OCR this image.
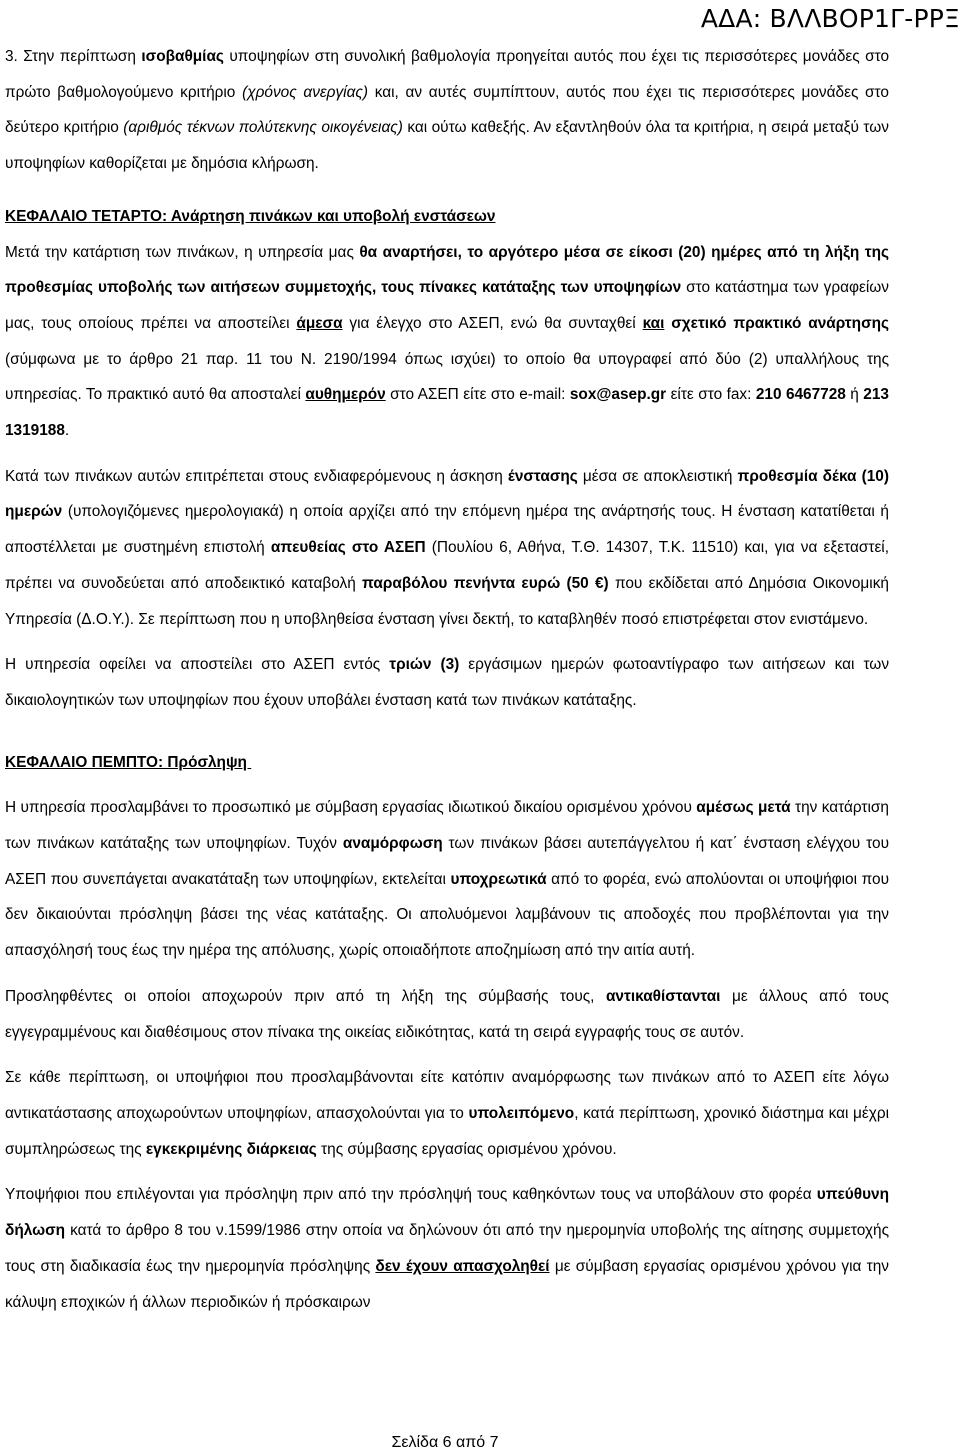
ΑΔΑ: ΒΛΛΒΟΡ1Γ-ΡΡΞ

3. Στην περίπτωση ισοβαθμίας υποψηφίων στη συνολική βαθμολογία προηγείται αυτός που έχει τις περισσότερες μονάδες στο πρώτο βαθμολογούμενο κριτήριο (χρόνος ανεργίας) και, αν αυτές συμπίπτουν, αυτός που έχει τις περισσότερες μονάδες στο δεύτερο κριτήριο (αριθμός τέκνων πολύτεκνης οικογένειας) και ούτω καθεξής. Αν εξαντληθούν όλα τα κριτήρια, η σειρά μεταξύ των υποψηφίων καθορίζεται με δημόσια κλήρωση.

ΚΕΦΑΛΑΙΟ ΤΕΤΑΡΤΟ: Ανάρτηση πινάκων και υποβολή ενστάσεων

Μετά την κατάρτιση των πινάκων, η υπηρεσία μας θα αναρτήσει, το αργότερο μέσα σε είκοσι (20) ημέρες από τη λήξη της προθεσμίας υποβολής των αιτήσεων συμμετοχής, τους πίνακες κατάταξης των υποψηφίων στο κατάστημα των γραφείων μας, τους οποίους πρέπει να αποστείλει άμεσα για έλεγχο στο ΑΣΕΠ, ενώ θα συνταχθεί και σχετικό πρακτικό ανάρτησης (σύμφωνα με το άρθρο 21 παρ. 11 του Ν. 2190/1994 όπως ισχύει) το οποίο θα υπογραφεί από δύο (2) υπαλλήλους της υπηρεσίας. Το πρακτικό αυτό θα αποσταλεί αυθημερόν στο ΑΣΕΠ είτε στο e-mail: sox@asep.gr είτε στο fax: 210 6467728 ή 213 1319188.

Κατά των πινάκων αυτών επιτρέπεται στους ενδιαφερόμενους η άσκηση ένστασης μέσα σε αποκλειστική προθεσμία δέκα (10) ημερών (υπολογιζόμενες ημερολογιακά) η οποία αρχίζει από την επόμενη ημέρα της ανάρτησής τους. Η ένσταση κατατίθεται ή αποστέλλεται με συστημένη επιστολή απευθείας στο ΑΣΕΠ (Πουλίου 6, Αθήνα, Τ.Θ. 14307, Τ.Κ. 11510) και, για να εξεταστεί, πρέπει να συνοδεύεται από αποδεικτικό καταβολή παραβόλου πενήντα ευρώ (50 €) που εκδίδεται από Δημόσια Οικονομική Υπηρεσία (Δ.Ο.Υ.). Σε περίπτωση που η υποβληθείσα ένσταση γίνει δεκτή, το καταβληθέν ποσό επιστρέφεται στον ενιστάμενο.

Η υπηρεσία οφείλει να αποστείλει στο ΑΣΕΠ εντός τριών (3) εργάσιμων ημερών φωτοαντίγραφο των αιτήσεων και των δικαιολογητικών των υποψηφίων που έχουν υποβάλει ένσταση κατά των πινάκων κατάταξης.

ΚΕΦΑΛΑΙΟ ΠΕΜΠΤΟ: Πρόσληψη

Η υπηρεσία προσλαμβάνει το προσωπικό με σύμβαση εργασίας ιδιωτικού δικαίου ορισμένου χρόνου αμέσως μετά την κατάρτιση των πινάκων κατάταξης των υποψηφίων. Τυχόν αναμόρφωση των πινάκων βάσει αυτεπάγγελτου ή κατ΄ ένσταση ελέγχου του ΑΣΕΠ που συνεπάγεται ανακατάταξη των υποψηφίων, εκτελείται υποχρεωτικά από το φορέα, ενώ απολύονται οι υποψήφιοι που δεν δικαιούνται πρόσληψη βάσει της νέας κατάταξης. Οι απολυόμενοι λαμβάνουν τις αποδοχές που προβλέπονται για την απασχόλησή τους έως την ημέρα της απόλυσης, χωρίς οποιαδήποτε αποζημίωση από την αιτία αυτή.

Προσληφθέντες οι οποίοι αποχωρούν πριν από τη λήξη της σύμβασής τους, αντικαθίστανται με άλλους από τους εγγεγραμμένους και διαθέσιμους στον πίνακα της οικείας ειδικότητας, κατά τη σειρά εγγραφής τους σε αυτόν.

Σε κάθε περίπτωση, οι υποψήφιοι που προσλαμβάνονται είτε κατόπιν αναμόρφωσης των πινάκων από το ΑΣΕΠ είτε λόγω αντικατάστασης αποχωρούντων υποψηφίων, απασχολούνται για το υπολειπόμενο, κατά περίπτωση, χρονικό διάστημα και μέχρι συμπληρώσεως της εγκεκριμένης διάρκειας της σύμβασης εργασίας ορισμένου χρόνου.

Υποψήφιοι που επιλέγονται για πρόσληψη πριν από την πρόσληψή τους καθηκόντων τους να υποβάλουν στο φορέα υπεύθυνη δήλωση κατά το άρθρο 8 του ν.1599/1986 στην οποία να δηλώνουν ότι από την ημερομηνία υποβολής της αίτησης συμμετοχής τους στη διαδικασία έως την ημερομηνία πρόσληψης δεν έχουν απασχοληθεί με σύμβαση εργασίας ορισμένου χρόνου για την κάλυψη εποχικών ή άλλων περιοδικών ή πρόσκαιρων

Σελίδα 6 από 7
